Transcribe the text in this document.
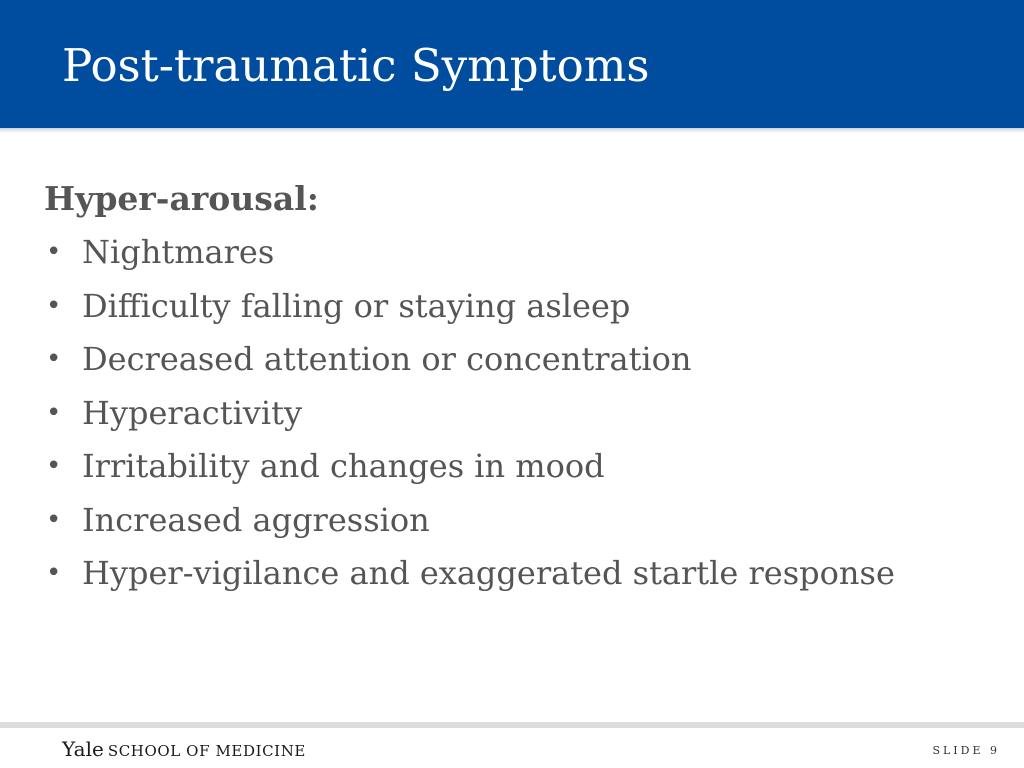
Post-traumatic Symptoms
Hyper-arousal:
• Nightmares
• Difficulty falling or staying asleep
• Decreased attention or concentration
• Hyperactivity
• Irritability and changes in mood
• Increased aggression
• Hyper-vigilance and exaggerated startle response
Yale SCHOOL OF MEDICINE	SLIDE 9
